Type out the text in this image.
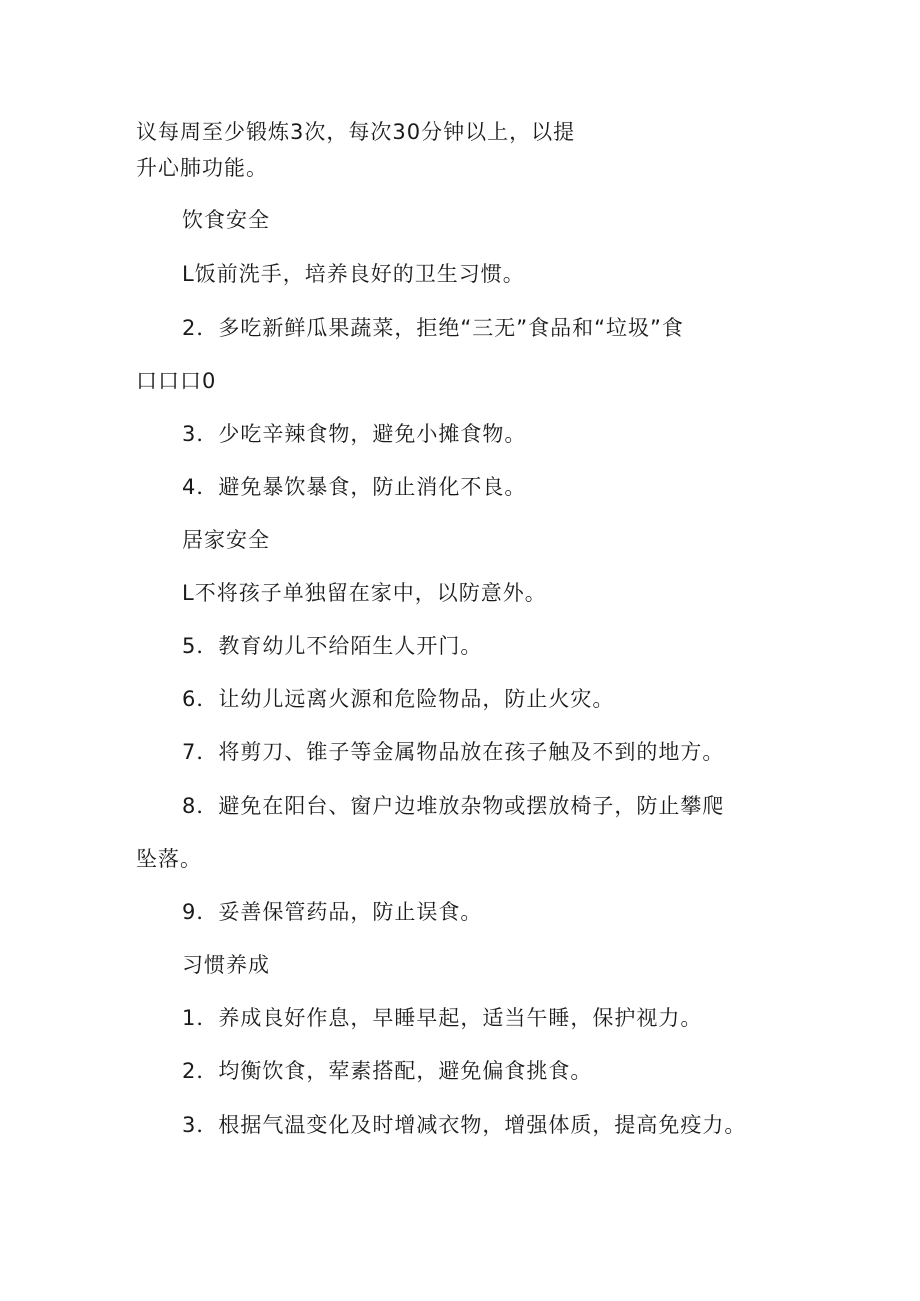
议每周至少锻炼3次，每次30分钟以上，以提
升心肺功能。
饮食安全
L饭前洗手，培养良好的卫生习惯。
2．多吃新鲜瓜果蔬菜，拒绝“三无”食品和“垃圾”食
口口口0
3．少吃辛辣食物，避免小摊食物。
4．避免暴饮暴食，防止消化不良。
居家安全
L不将孩子单独留在家中，以防意外。
5．教育幼儿不给陌生人开门。
6．让幼儿远离火源和危险物品，防止火灾。
7．将剪刀、锥子等金属物品放在孩子触及不到的地方。
8．避免在阳台、窗户边堆放杂物或摆放椅子，防止攀爬
坠落。
9．妥善保管药品，防止误食。
习惯养成
1．养成良好作息，早睡早起，适当午睡，保护视力。
2．均衡饮食，荤素搭配，避免偏食挑食。
3．根据气温变化及时增减衣物，增强体质，提高免疫力。
